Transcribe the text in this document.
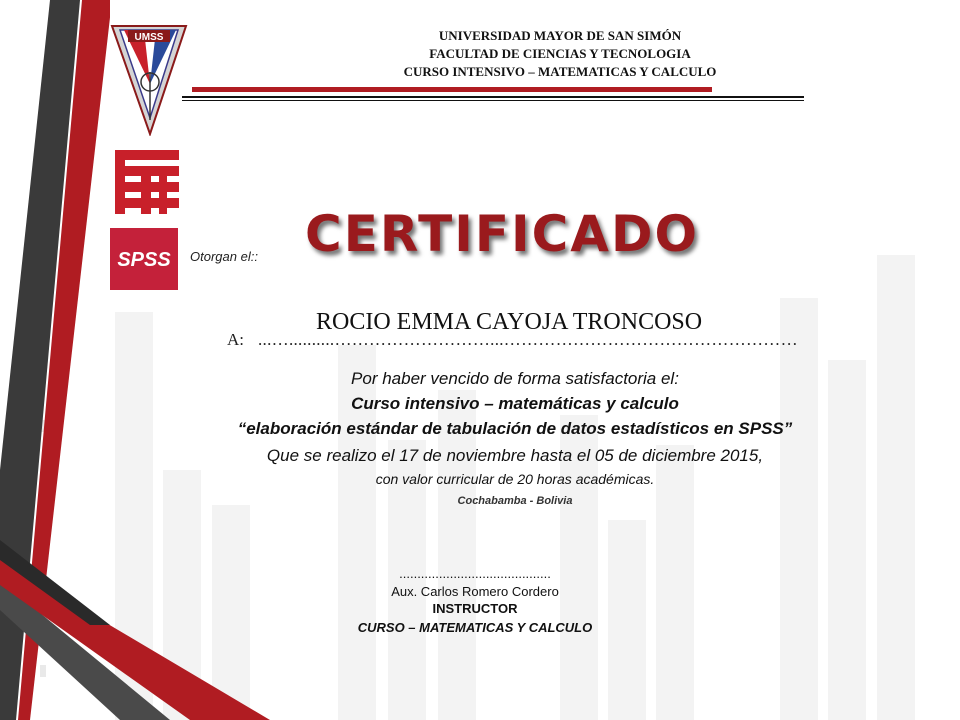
UMSS
SPSS
UNIVERSIDAD MAYOR DE SAN SIMÓN
FACULTAD DE CIENCIAS Y TECNOLOGIA
CURSO INTENSIVO – MATEMATICAS Y CALCULO
Otorgan el:: CERTIFICADO
ROCIO EMMA CAYOJA TRONCOSO
A: ...…..........………………………...……………………………………………
Por haber vencido de forma satisfactoria el:
Curso intensivo – matemáticas y calculo
“elaboración estándar de tabulación de datos estadísticos en SPSS”
Que se realizo el 17 de noviembre hasta el 05 de diciembre 2015,
con valor curricular de 20 horas académicas.
Cochabamba - Bolivia
..........................................
Aux. Carlos Romero Cordero
INSTRUCTOR
CURSO – MATEMATICAS Y CALCULO
